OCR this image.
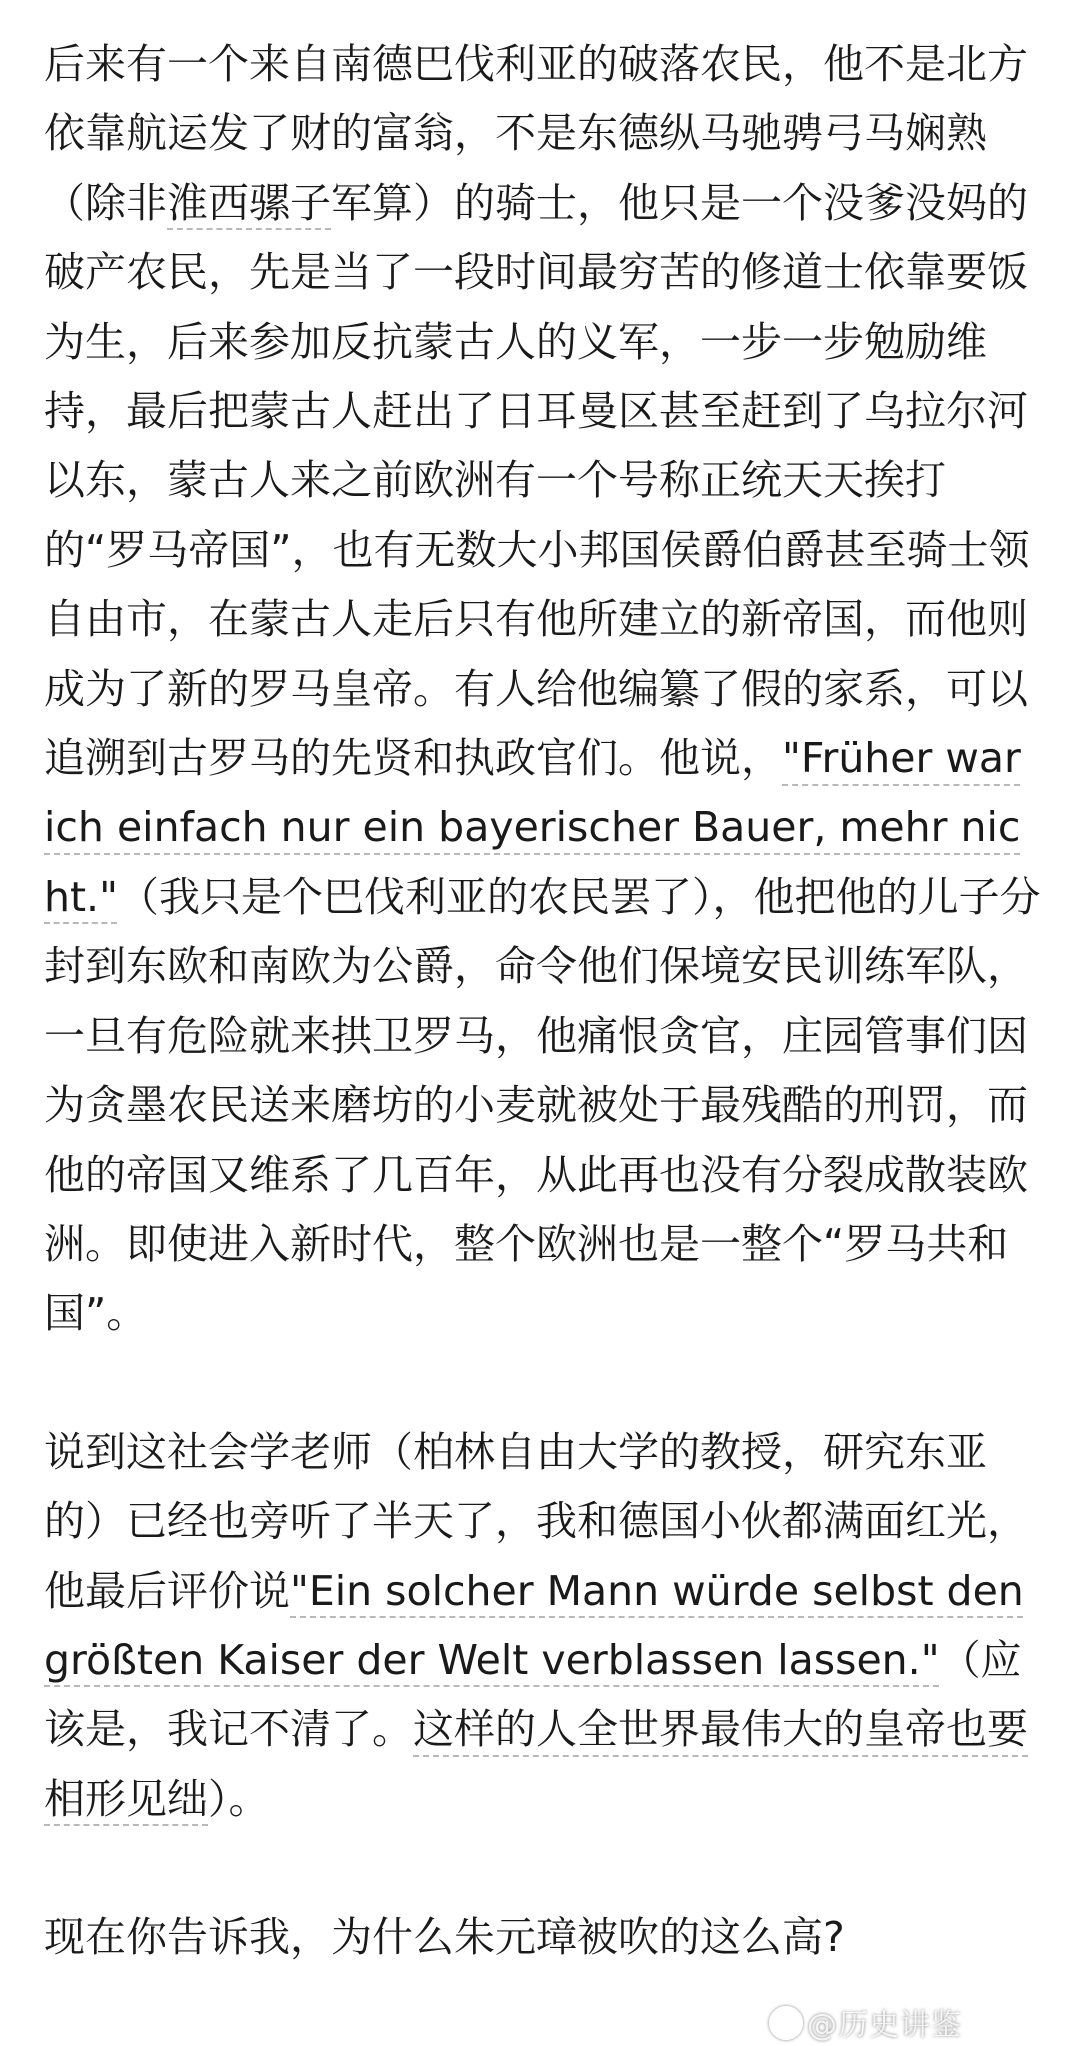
后来有一个来自南德巴伐利亚的破落农民，他不是北方依靠航运发了财的富翁，不是东德纵马驰骋弓马娴熟（除非淮西骡子军算）的骑士，他只是一个没爹没妈的破产农民，先是当了一段时间最穷苦的修道士依靠要饭为生，后来参加反抗蒙古人的义军，一步一步勉励维持，最后把蒙古人赶出了日耳曼区甚至赶到了乌拉尔河以东，蒙古人来之前欧洲有一个号称正统天天挨打的“罗马帝国”，也有无数大小邦国侯爵伯爵甚至骑士领自由市，在蒙古人走后只有他所建立的新帝国，而他则成为了新的罗马皇帝。有人给他编纂了假的家系，可以追溯到古罗马的先贤和执政官们。他说，"Früher war ich einfach nur ein bayerischer Bauer, mehr nicht."（我只是个巴伐利亚的农民罢了），他把他的儿子分封到东欧和南欧为公爵，命令他们保境安民训练军队，一旦有危险就来拱卫罗马，他痛恨贪官，庄园管事们因为贪墨农民送来磨坊的小麦就被处于最残酷的刑罚，而他的帝国又维系了几百年，从此再也没有分裂成散装欧洲。即使进入新时代，整个欧洲也是一整个“罗马共和国”。

说到这社会学老师（柏林自由大学的教授，研究东亚的）已经也旁听了半天了，我和德国小伙都满面红光，他最后评价说"Ein solcher Mann würde selbst den größten Kaiser der Welt verblassen lassen."（应该是，我记不清了。这样的人全世界最伟大的皇帝也要相形见绌）。

现在你告诉我，为什么朱元璋被吹的这么高?

@历史讲鉴
